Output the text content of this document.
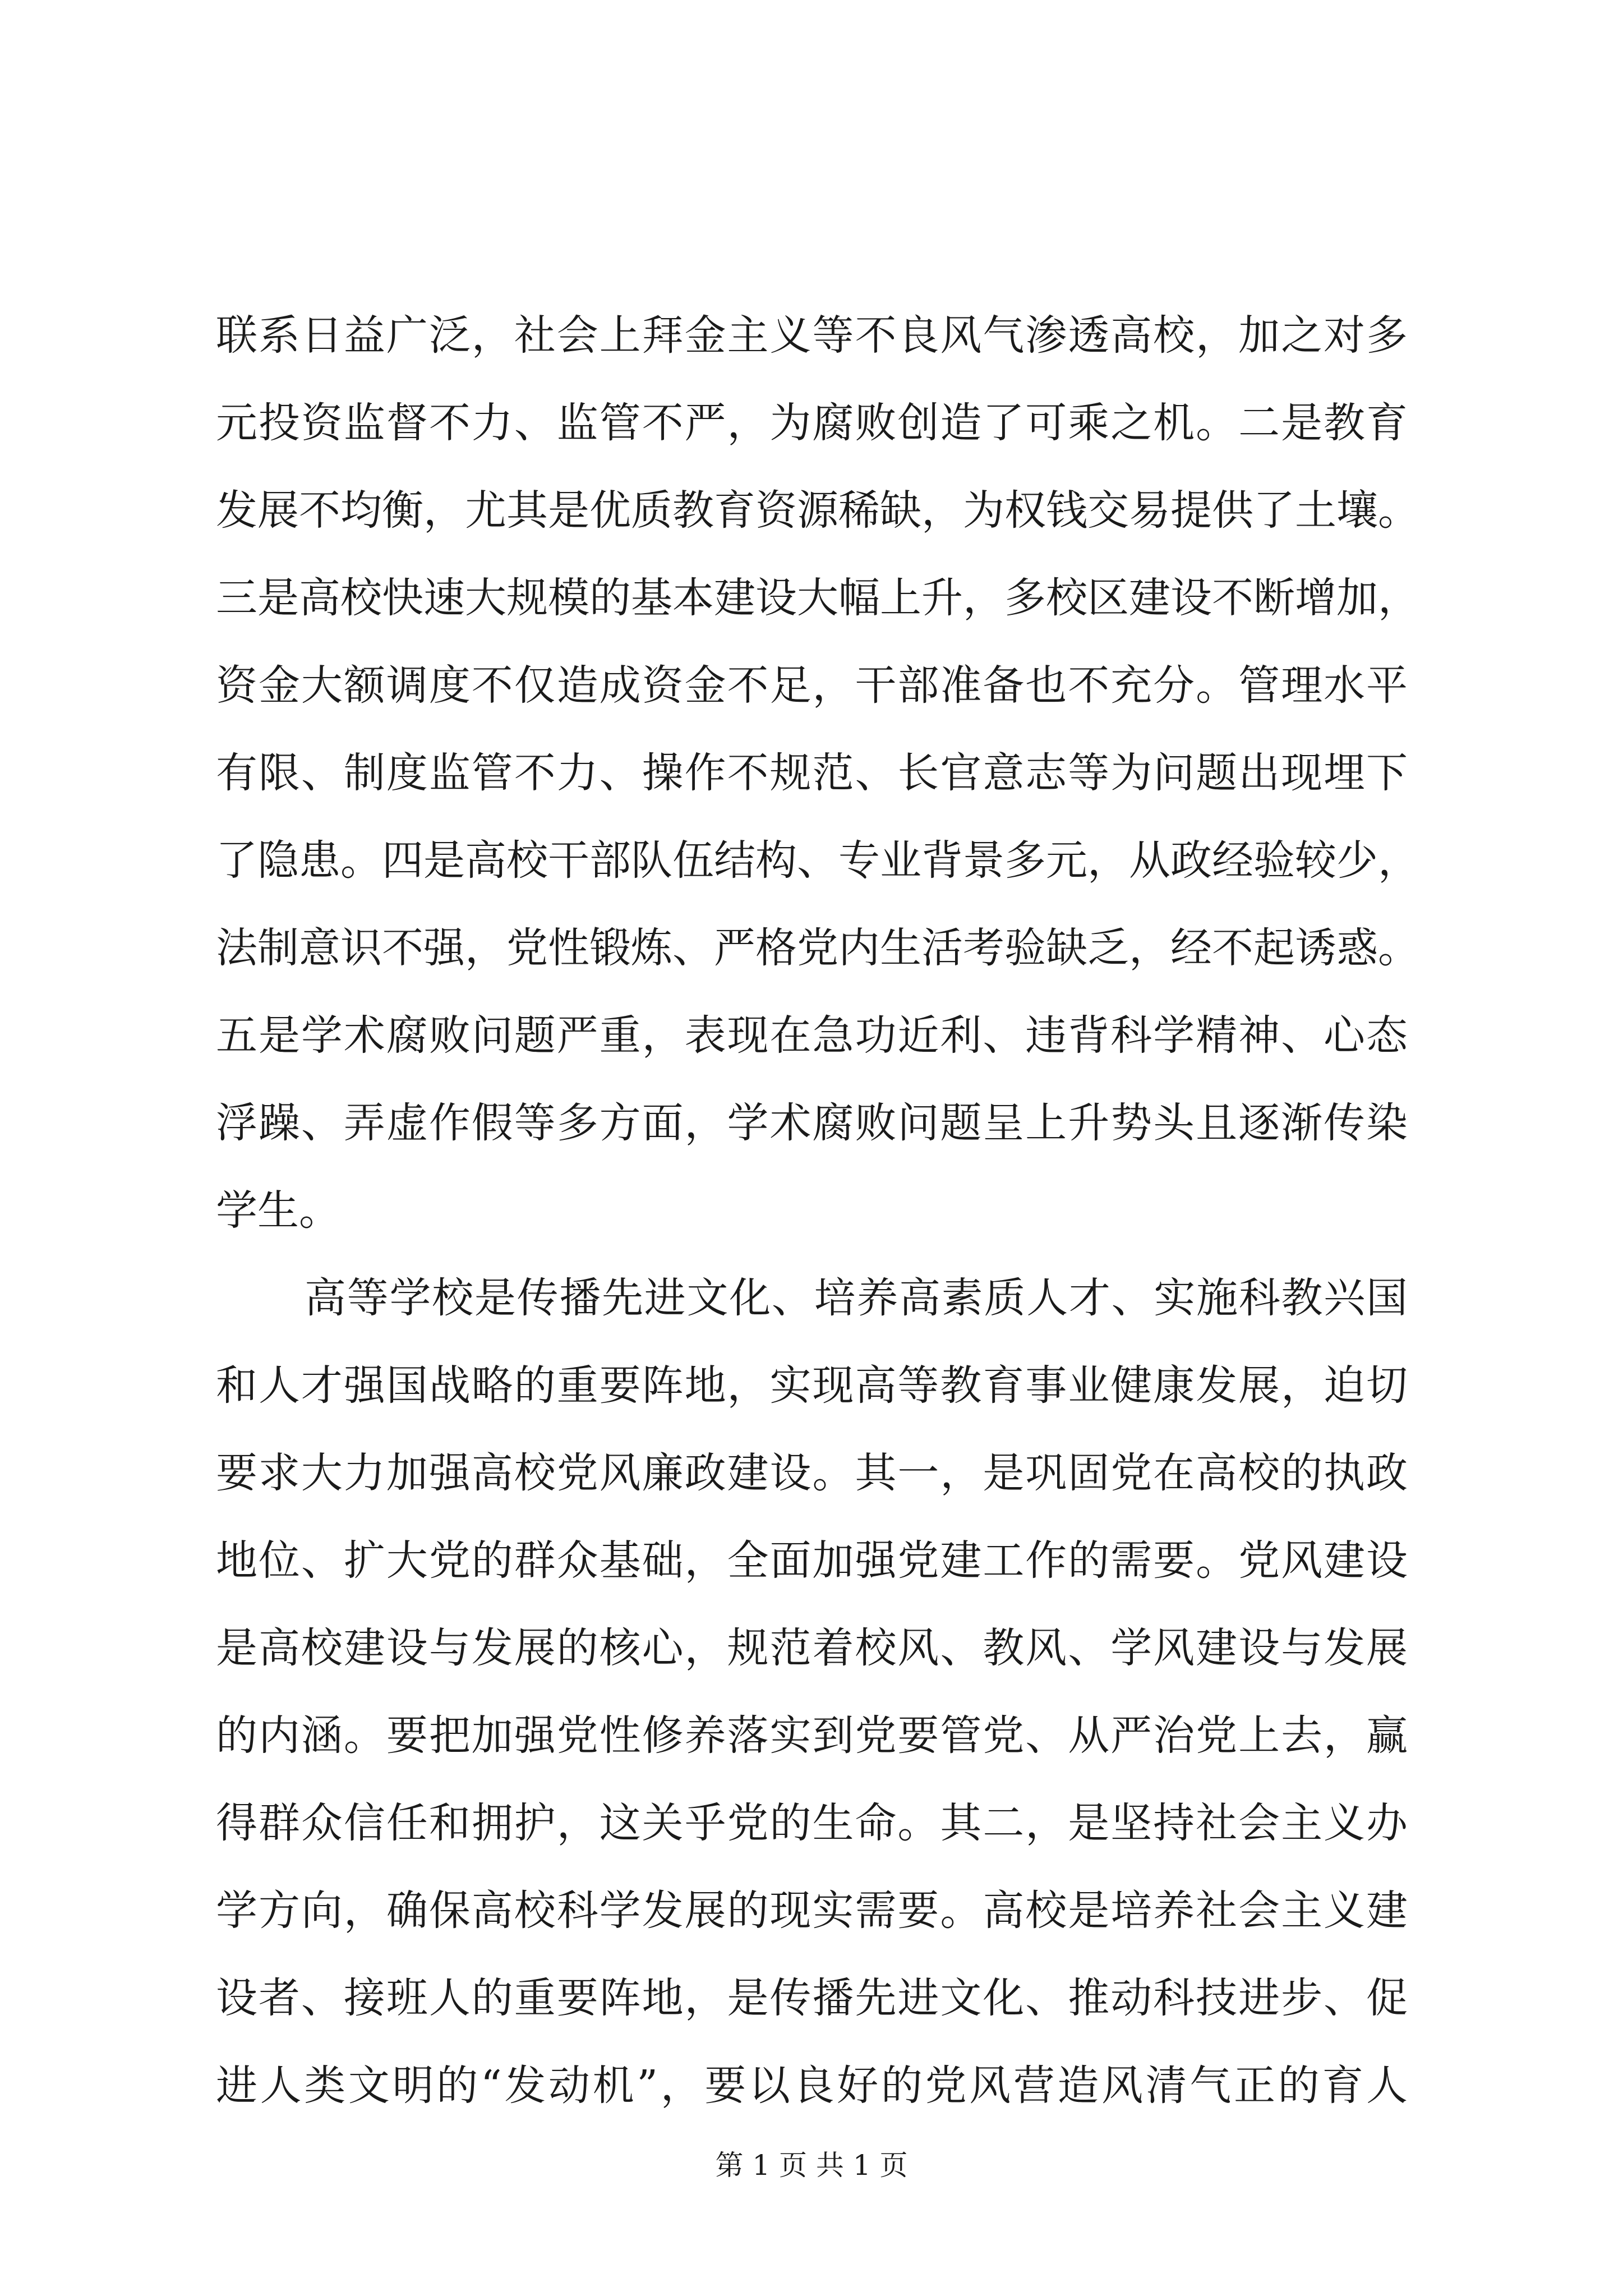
联系日益广泛，社会上拜金主义等不良风气渗透高校，加之对多
元投资监督不力、监管不严，为腐败创造了可乘之机。二是教育
发展不均衡，尤其是优质教育资源稀缺，为权钱交易提供了土壤。
三是高校快速大规模的基本建设大幅上升，多校区建设不断增加，
资金大额调度不仅造成资金不足，干部准备也不充分。管理水平
有限、制度监管不力、操作不规范、长官意志等为问题出现埋下
了隐患。四是高校干部队伍结构、专业背景多元，从政经验较少，
法制意识不强，党性锻炼、严格党内生活考验缺乏，经不起诱惑。
五是学术腐败问题严重，表现在急功近利、违背科学精神、心态
浮躁、弄虚作假等多方面，学术腐败问题呈上升势头且逐渐传染
学生。
高等学校是传播先进文化、培养高素质人才、实施科教兴国
和人才强国战略的重要阵地，实现高等教育事业健康发展，迫切
要求大力加强高校党风廉政建设。其一，是巩固党在高校的执政
地位、扩大党的群众基础，全面加强党建工作的需要。党风建设
是高校建设与发展的核心，规范着校风、教风、学风建设与发展
的内涵。要把加强党性修养落实到党要管党、从严治党上去，赢
得群众信任和拥护，这关乎党的生命。其二，是坚持社会主义办
学方向，确保高校科学发展的现实需要。高校是培养社会主义建
设者、接班人的重要阵地，是传播先进文化、推动科技进步、促
进人类文明的“发动机”，要以良好的党风营造风清气正的育人
第 1 页 共 1 页
